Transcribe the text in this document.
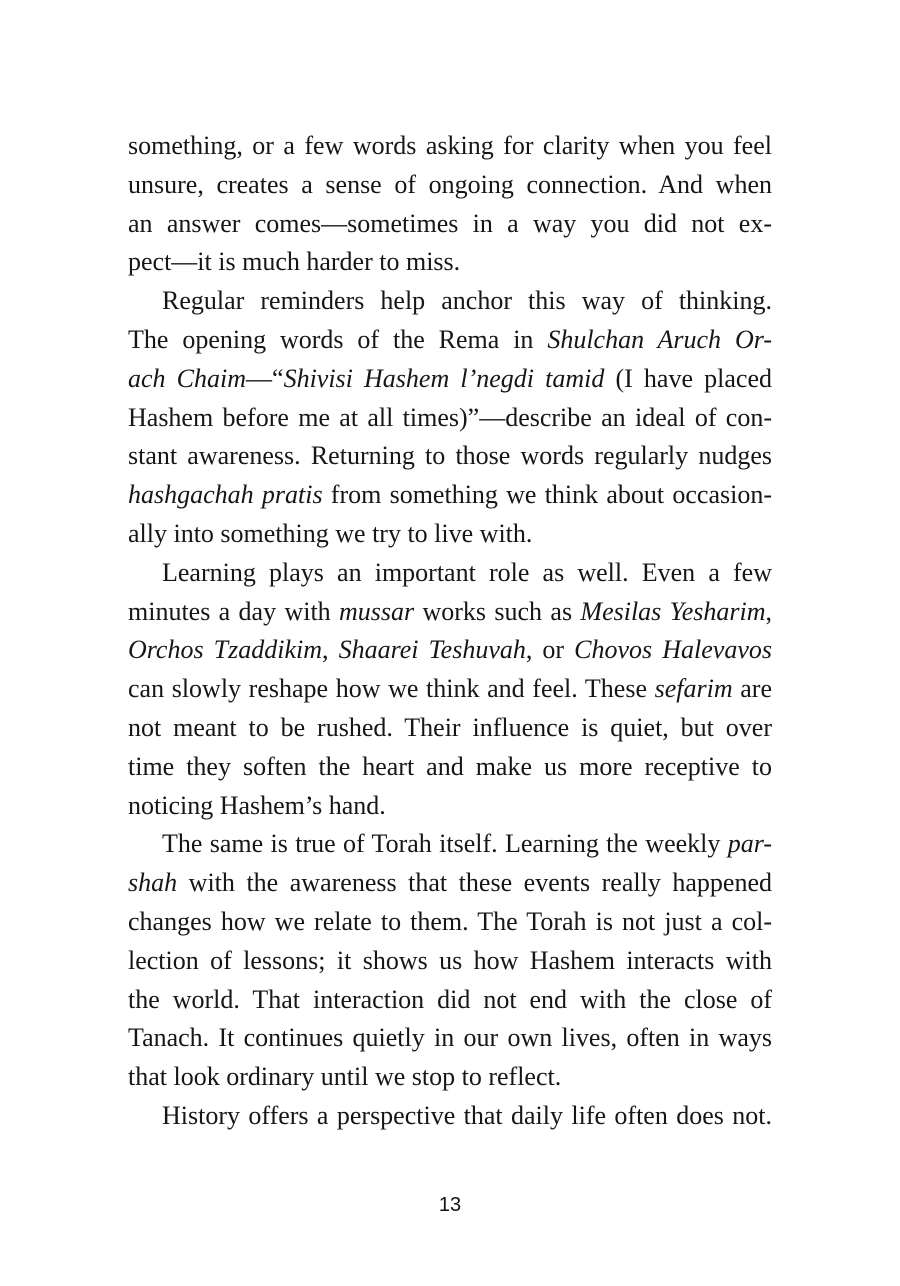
something, or a few words asking for clarity when you feel
unsure, creates a sense of ongoing connection. And when
an answer comes—sometimes in a way you did not ex-
pect—it is much harder to miss.
Regular reminders help anchor this way of thinking.
The opening words of the Rema in Shulchan Aruch Or-
ach Chaim—“Shivisi Hashem l’negdi tamid (I have placed
Hashem before me at all times)”—describe an ideal of con-
stant awareness. Returning to those words regularly nudges
hashgachah pratis from something we think about occasion-
ally into something we try to live with.
Learning plays an important role as well. Even a few
minutes a day with mussar works such as Mesilas Yesharim,
Orchos Tzaddikim, Shaarei Teshuvah, or Chovos Halevavos
can slowly reshape how we think and feel. These sefarim are
not meant to be rushed. Their influence is quiet, but over
time they soften the heart and make us more receptive to
noticing Hashem’s hand.
The same is true of Torah itself. Learning the weekly par-
shah with the awareness that these events really happened
changes how we relate to them. The Torah is not just a col-
lection of lessons; it shows us how Hashem interacts with
the world. That interaction did not end with the close of
Tanach. It continues quietly in our own lives, often in ways
that look ordinary until we stop to reflect.
History offers a perspective that daily life often does not.
13
